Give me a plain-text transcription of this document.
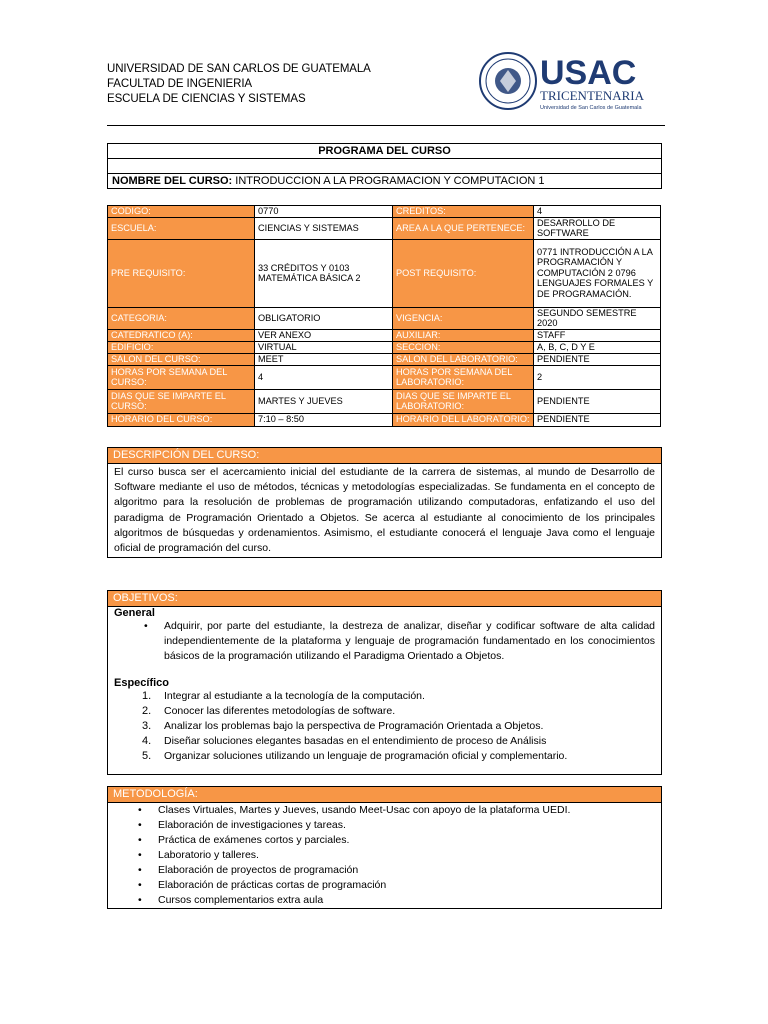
UNIVERSIDAD DE SAN CARLOS DE GUATEMALA
FACULTAD DE INGENIERIA
ESCUELA DE CIENCIAS Y SISTEMAS
USAC
TRICENTENARIA
Universidad de San Carlos de Guatemala
PROGRAMA DEL CURSO
NOMBRE DEL CURSO: INTRODUCCION A LA PROGRAMACION Y COMPUTACION 1
CODIGO:	0770	CREDITOS:	4
ESCUELA:	CIENCIAS Y SISTEMAS	AREA A LA QUE PERTENECE:	DESARROLLO DE SOFTWARE
PRE REQUISITO:	33 CRÉDITOS Y 0103 MATEMÁTICA BÁSICA 2	POST REQUISITO:	0771 INTRODUCCIÓN A LA PROGRAMACIÓN Y COMPUTACIÓN 2 0796 LENGUAJES FORMALES Y DE PROGRAMACIÓN.
CATEGORIA:	OBLIGATORIO	VIGENCIA:	SEGUNDO SEMESTRE 2020
CATEDRATICO (A):	VER ANEXO	AUXILIAR:	STAFF
EDIFICIO:	VIRTUAL	SECCION:	A, B, C, D Y E
SALON DEL CURSO:	MEET	SALON DEL LABORATORIO:	PENDIENTE
HORAS POR SEMANA DEL CURSO:	4	HORAS POR SEMANA DEL LABORATORIO:	2
DIAS QUE SE IMPARTE EL CURSO:	MARTES Y JUEVES	DIAS QUE SE IMPARTE EL LABORATORIO:	PENDIENTE
HORARIO DEL CURSO:	7:10 – 8:50	HORARIO DEL LABORATORIO:	PENDIENTE
DESCRIPCIÓN DEL CURSO:
El curso busca ser el acercamiento inicial del estudiante de la carrera de sistemas, al mundo de Desarrollo de Software mediante el uso de métodos, técnicas y metodologías especializadas. Se fundamenta en el concepto de algoritmo para la resolución de problemas de programación utilizando computadoras, enfatizando el uso del paradigma de Programación Orientado a Objetos. Se acerca al estudiante al conocimiento de los principales algoritmos de búsquedas y ordenamientos. Asimismo, el estudiante conocerá el lenguaje Java como el lenguaje oficial de programación del curso.
OBJETIVOS:
General
• Adquirir, por parte del estudiante, la destreza de analizar, diseñar y codificar software de alta calidad independientemente de la plataforma y lenguaje de programación fundamentado en los conocimientos básicos de la programación utilizando el Paradigma Orientado a Objetos.
Específico
1. Integrar al estudiante a la tecnología de la computación.
2. Conocer las diferentes metodologías de software.
3. Analizar los problemas bajo la perspectiva de Programación Orientada a Objetos.
4. Diseñar soluciones elegantes basadas en el entendimiento de proceso de Análisis
5. Organizar soluciones utilizando un lenguaje de programación oficial y complementario.
METODOLOGÍA:
• Clases Virtuales, Martes y Jueves, usando Meet-Usac con apoyo de la plataforma UEDI.
• Elaboración de investigaciones y tareas.
• Práctica de exámenes cortos y parciales.
• Laboratorio y talleres.
• Elaboración de proyectos de programación
• Elaboración de prácticas cortas de programación
• Cursos complementarios extra aula
